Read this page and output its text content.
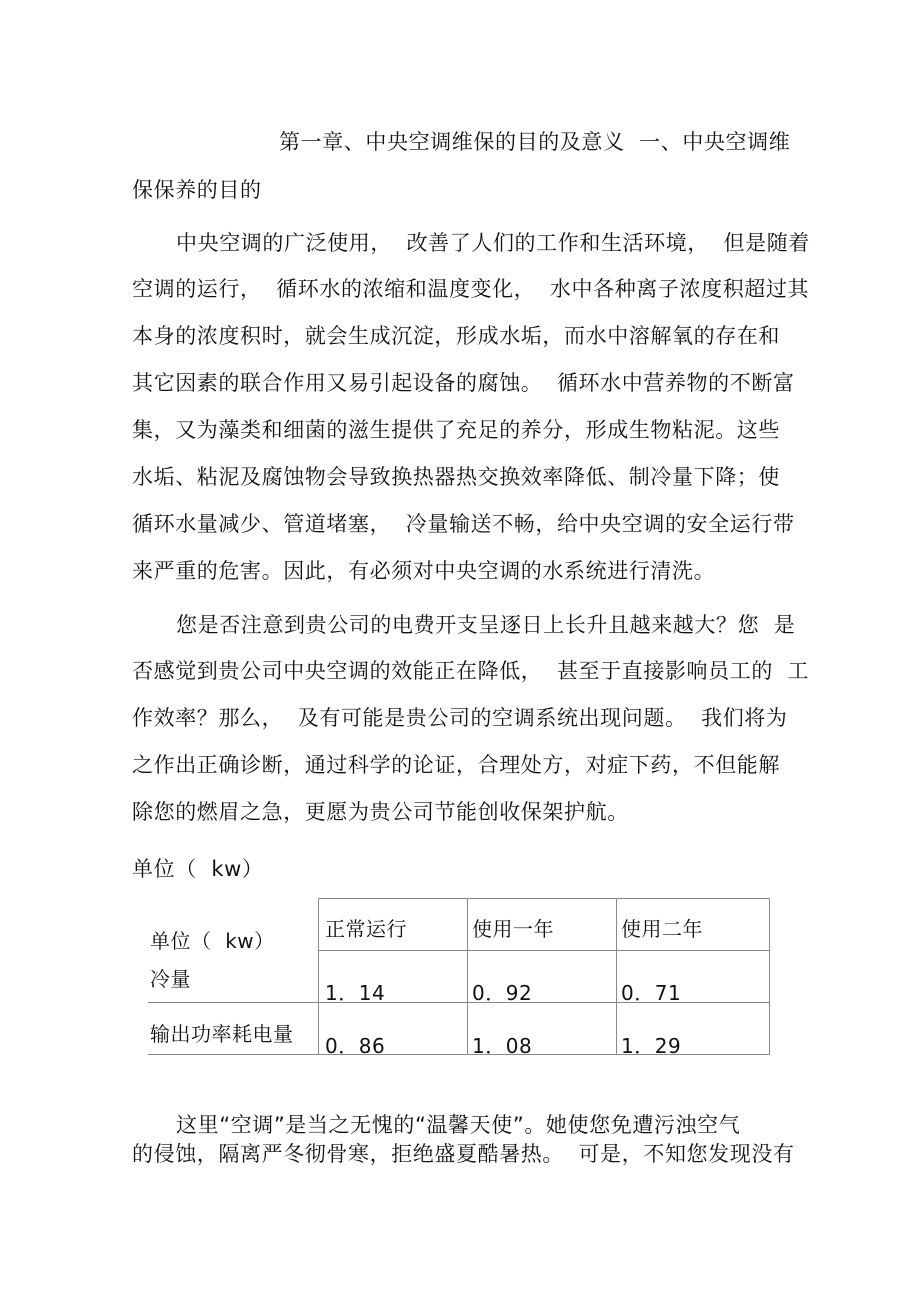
第一章、中央空调维保的目的及意义  一、中央空调维
保保养的目的
中央空调的广泛使用，  改善了人们的工作和生活环境，  但是随着
空调的运行，  循环水的浓缩和温度变化，  水中各种离子浓度积超过其
本身的浓度积时，就会生成沉淀，形成水垢，而水中溶解氧的存在和
其它因素的联合作用又易引起设备的腐蚀。  循环水中营养物的不断富
集，又为藻类和细菌的滋生提供了充足的养分，形成生物粘泥。这些
水垢、粘泥及腐蚀物会导致换热器热交换效率降低、制冷量下降；使
循环水量减少、管道堵塞，  冷量输送不畅，给中央空调的安全运行带
来严重的危害。因此，有必须对中央空调的水系统进行清洗。
您是否注意到贵公司的电费开支呈逐日上长升且越来越大？您  是
否感觉到贵公司中央空调的效能正在降低，  甚至于直接影响员工的  工
作效率？那么，  及有可能是贵公司的空调系统出现问题。  我们将为
之作出正确诊断，通过科学的论证，合理处方，对症下药，不但能解
除您的燃眉之急，更愿为贵公司节能创收保架护航。
单位（  kw）
单位（  kw）	正常运行	使用一年	使用二年

冷量	1．14	0．92	0．71

输出功率耗电量	0．86	1．08	1．29
这里“空调”是当之无愧的“温馨天使”。她使您免遭污浊空气
的侵蚀，隔离严冬彻骨寒，拒绝盛夏酷暑热。  可是，不知您发现没有
